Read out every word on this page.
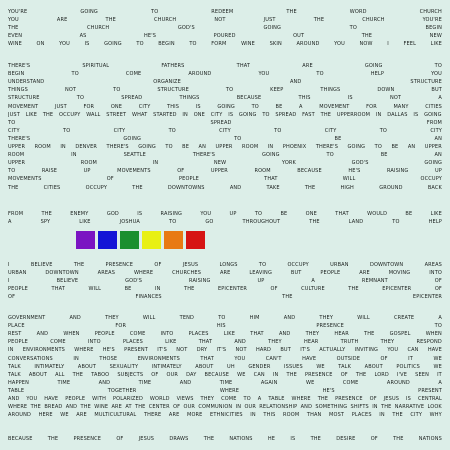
YOU'RE	GOING	TO	REDEEM	THE	WORD	CHURCH
YOU	ARE	THE	CHURCH	NOT	JUST	THE	CHURCH	YOU'RE
THE	CHURCH	GOD'S	GOING	TO	BEGIN
EVEN	AS	HE'S	POURED	OUT	THE	NEW
WINE	ON	YOU	IS	GOING	TO	BEGIN	TO	FORM	WINE	SKIN	AROUND	YOU	NOW	I	FEEL	LIKE
THERE'S	SPIRITUAL	FATHERS	THAT	ARE	GOING	TO
BEGIN	TO	COME	AROUND	YOU	TO	HELP	YOU
UNDERSTAND	ORGANIZE	AND	STRUCTURE
THINGS	NOT	TO	STRUCTURE	TO	KEEP	THINGS	DOWN	BUT
STRUCTURE	TO	SPREAD	THINGS	BECAUSE	THIS	IS	NOT	A
MOVEMENT	JUST	FOR	ONE	CITY	THIS	IS	GOING	TO	BE	A	MOVEMENT	FOR	MANY	CITIES
JUST LIKE THE OCCUPY WALL STREET WHAT STARTED IN ONE CITY IS GOING TO SPREAD FAST THE UPPERROOM IN DALLAS IS GOING
TO	SPREAD	FROM
CITY	TO	CITY	TO	CITY	TO	CITY	TO	CITY
THERE'S	GOING	TO	BE	AN
UPPER ROOM IN DENVER THERE'S GOING TO BE AN UPPER ROOM IN PHOENIX THERE'S GOING TO BE AN UPPER
ROOM	IN	SEATTLE	THERE'S	GOING	TO	BE	AN
UPPER	ROOM	IN	NEW	YORK	GOD'S	GOING
TO	RAISE	UP	MOVEMENTS	OF	UPPER	ROOM	BECAUSE	HE'S	RAISING	UP
MOVEMENTS	OF	PEOPLE	THAT	WILL	OCCUPY
THE	CITIES	OCCUPY	THE	DOWNTOWNS	AND	TAKE	THE	HIGH	GROUND	BACK
FROM	THE	ENEMY	GOD	IS	RAISING	YOU	UP	TO	BE	ONE	THAT	WOULD	BE	LIKE
A	SPY	LIKE	JOSHUA	TO	GO	THROUGHOUT	THE	LAND	TO	HELP
I	BELIEVE	THE	PRESENCE	OF	JESUS	LONGS	TO	OCCUPY	URBAN	DOWNTOWN	AREAS
URBAN	DOWNTOWN	AREAS	WHERE	CHURCHES	ARE	LEAVING	BUT	PEOPLE	ARE	MOVING	INTO
I	BELIEVE	GOD'S	RAISING	UP	A	REMNANT	OF
PEOPLE	THAT	WILL	BE	IN	THE	EPICENTER	OF	CULTURE	THE	EPICENTER	OF
OF	FINANCES	THE	EPICENTER
GOVERNMENT	AND	THEY	WILL	TEND	TO	HIM	AND	THEY	WILL	CREATE	A
PLACE	FOR	HIS	PRESENCE	TO
REST	AND	WHEN	PEOPLE	COME	INTO	PLACES	LIKE	THAT	AND	THEY	HEAR	THE	GOSPEL	WHEN
PEOPLE	COME	INTO	PLACES	LIKE	THAT	AND	THEY	HEAR	TRUTH	THEY	RESPOND
IN ENVIRONMENTS WHERE HE'S PRESENT IT'S NOT DRY IT'S NOT HARD BUT IT'S ACTUALLY INVITING YOU CAN HAVE
CONVERSATIONS	IN	THOSE	ENVIRONMENTS	THAT	YOU	CAN'T	HAVE	OUTSIDE	OF	IT	WE
TALK	INTIMATELY	ABOUT	SEXUALITY	INTIMATELY	ABOUT	UH	GENDER	ISSUES	WE	TALK	ABOUT	POLITICS	WE
TALK ABOUT ALL THE TABOO SUBJECTS OF OUR DAY BECAUSE WE CAN IN THE PRESENCE OF THE LORD I'VE SEEN IT
HAPPEN	TIME	AND	TIME	AND	TIME	AGAIN	WE	COME	AROUND	A
TABLE	TOGETHER	WHERE	HE'S	PRESENT
AND YOU HAVE PEOPLE WITH POLARIZED WORLD VIEWS THEY COME TO A TABLE WHERE THE PRESENCE OF JESUS IS CENTRAL
WHERE THE BREAD AND THE WINE ARE AT THE CENTER OF OUR COMMUNION IN OUR RELATIONSHIP AND SOMETHING SHIFTS IN THE NARRATIVE LOOK
AROUND HERE WE ARE MULTICULTURAL THERE ARE MORE ETHNICITIES IN THIS ROOM THAN MOST PLACES IN THE CITY WHY
BECAUSE	THE	PRESENCE	OF	JESUS	DRAWS	THE	NATIONS	HE	IS	THE	DESIRE	OF	THE	NATIONS
